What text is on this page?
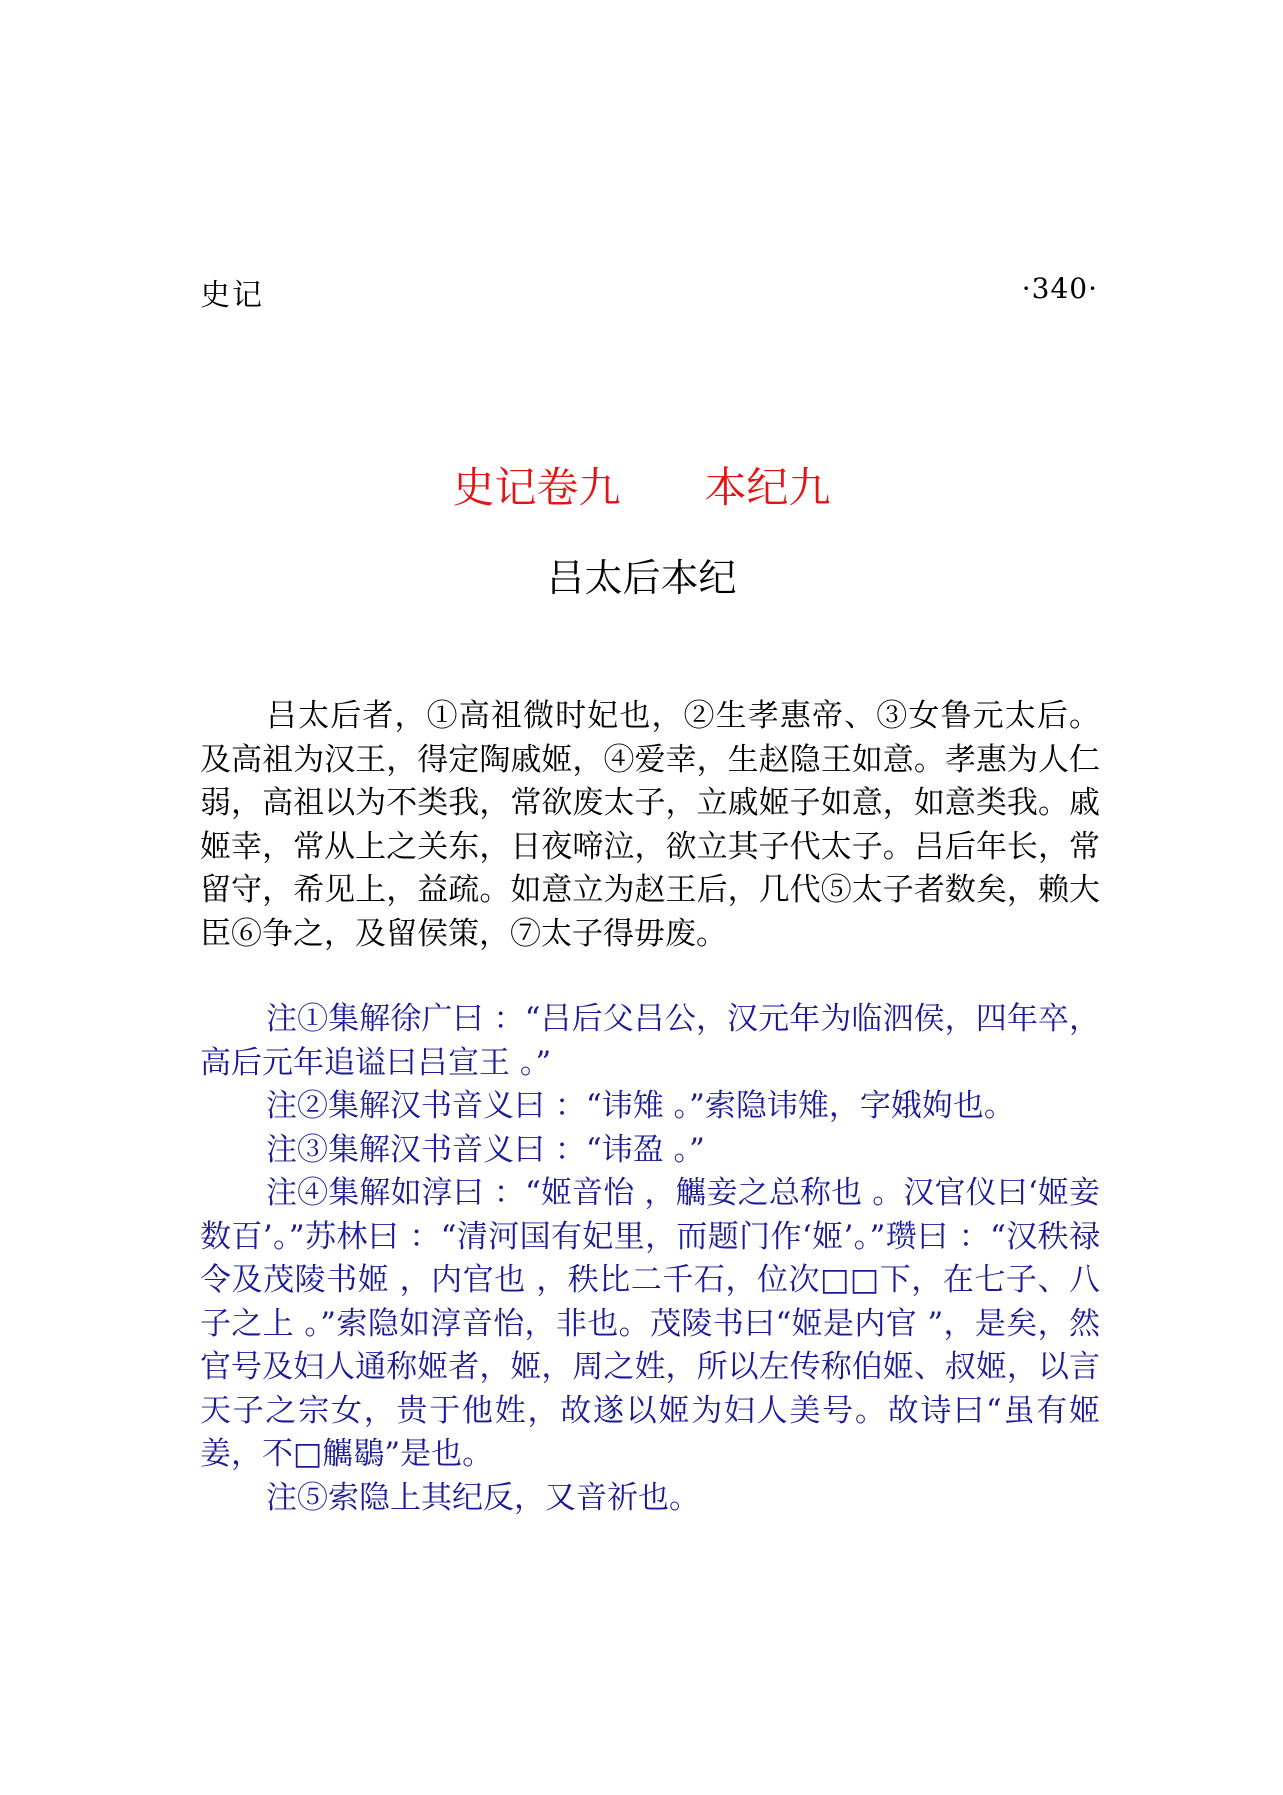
史记	·340·
史记卷九　　本纪九
吕太后本纪

吕太后者，①高祖微时妃也，②生孝惠帝、③女鲁元太后。及高祖为汉王，得定陶戚姬，④爱幸，生赵隐王如意。孝惠为人仁弱，高祖以为不类我，常欲废太子，立戚姬子如意，如意类我。戚姬幸，常从上之关东，日夜啼泣，欲立其子代太子。吕后年长，常留守，希见上，益疏。如意立为赵王后，几代⑤太子者数矣，赖大臣⑥争之，及留侯策，⑦太子得毋废。

注①集解徐广曰 ：“吕后父吕公，汉元年为临泗侯，四年卒，高后元年追谥曰吕宣王 。”

注②集解汉书音义曰 ：“讳雉 。”索隐讳雉，字娥姁也。

注③集解汉书音义曰 ：“讳盈 。”

注④集解如淳曰 ：“姬音怡 ，觽妾之总称也 。汉官仪曰‘姬妾数百’。”苏林曰 ：“清河国有妃里，而题门作‘姬’。”瓒曰 ：“汉秩禄令及茂陵书姬 ，内官也 ，秩比二千石，位次□□下，在七子、八子之上 。”索隐如淳音怡，非也。茂陵书曰“姬是内官 ”，是矣，然官号及妇人通称姬者，姬，周之姓，所以左传称伯姬、叔姬，以言天子之宗女，贵于他姓，故遂以姬为妇人美号。故诗曰“虽有姬姜，不□觽鶡”是也。

注⑤索隐上其纪反，又音祈也。
